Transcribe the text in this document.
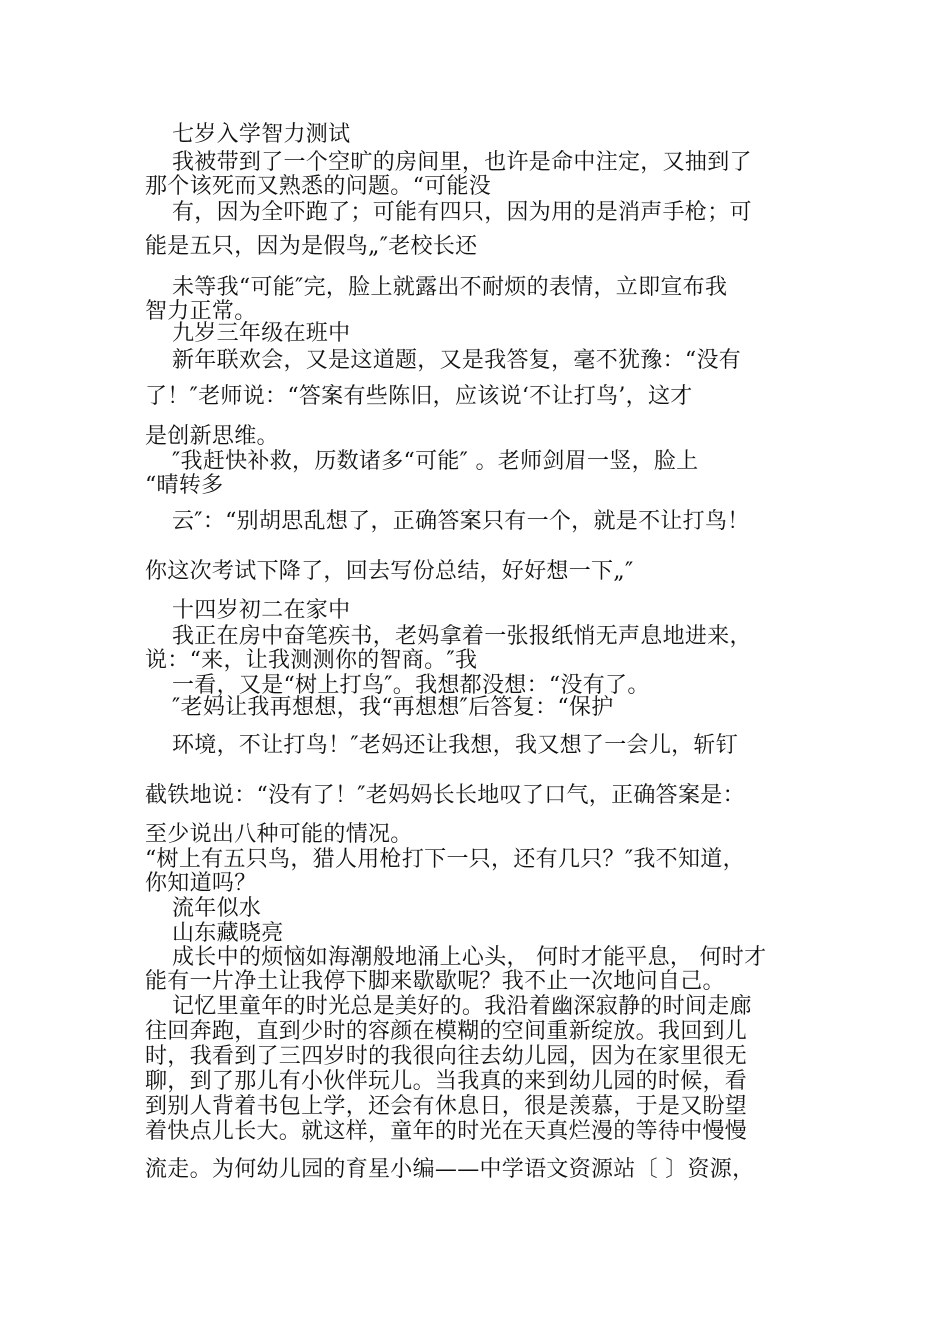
七岁入学智力测试
我被带到了一个空旷的房间里，也许是命中注定，又抽到了
那个该死而又熟悉的问题。“可能没
有，因为全吓跑了；可能有四只，因为用的是消声手枪；可
能是五只，因为是假鸟„″老校长还
未等我“可能″完，脸上就露出不耐烦的表情，立即宣布我
智力正常。
九岁三年级在班中
新年联欢会，又是这道题，又是我答复，毫不犹豫：“没有
了！″老师说：“答案有些陈旧，应该说‘不让打鸟’，这才
是创新思维。
″我赶快补救，历数诸多“可能″ 。老师剑眉一竖，脸上
“晴转多
云″：“别胡思乱想了，正确答案只有一个，就是不让打鸟！
你这次考试下降了，回去写份总结，好好想一下„″
十四岁初二在家中
我正在房中奋笔疾书，老妈拿着一张报纸悄无声息地进来，
说：“来，让我测测你的智商。″我
一看，又是“树上打鸟″。我想都没想：“没有了。
″老妈让我再想想，我“再想想″后答复：“保护
环境，不让打鸟！″老妈还让我想，我又想了一会儿，斩钉
截铁地说：“没有了！″老妈妈长长地叹了口气，正确答案是：
至少说出八种可能的情况。
“树上有五只鸟，猎人用枪打下一只，还有几只？″我不知道，
你知道吗？
流年似水
山东藏晓亮
成长中的烦恼如海潮般地涌上心头， 何时才能平息， 何时才
能有一片净土让我停下脚来歇歇呢？我不止一次地问自己。
记忆里童年的时光总是美好的。我沿着幽深寂静的时间走廊
往回奔跑，直到少时的容颜在模糊的空间重新绽放。我回到儿
时，我看到了三四岁时的我很向往去幼儿园，因为在家里很无
聊，到了那儿有小伙伴玩儿。当我真的来到幼儿园的时候，看
到别人背着书包上学，还会有休息日，很是羡慕，于是又盼望
着快点儿长大。就这样，童年的时光在天真烂漫的等待中慢慢
流走。为何幼儿园的育星小编——中学语文资源站〔 〕资源，
